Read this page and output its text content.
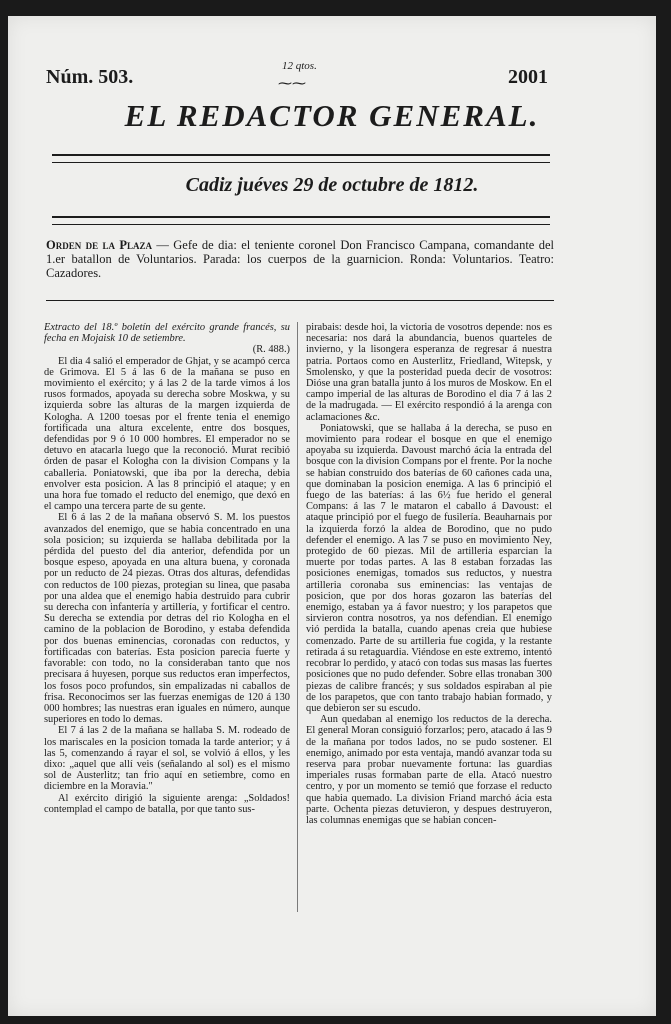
Núm. 503.	12 qtos.
⁓⁓	2001
EL REDACTOR GENERAL.
Cadiz juéves 29 de octubre de 1812.
Orden de la Plaza — Gefe de dia: el teniente coronel Don Francisco Campana, comandante del 1.er batallon de Voluntarios. Parada: los cuerpos de la guarnicion. Ronda: Voluntarios. Teatro: Cazadores.

Extracto del 18.º boletín del exército grande francés, su fecha en Mojaisk 10 de setiembre.

(R. 488.)

El dia 4 salió el emperador de Ghjat, y se acampó cerca de Grimova. El 5 á las 6 de la mañana se puso en movimiento el exército; y á las 2 de la tarde vimos á los rusos formados, apoyada su derecha sobre Moskwa, y su izquierda sobre las alturas de la margen izquierda de Kologha. A 1200 toesas por el frente tenia el enemigo fortificada una altura excelente, entre dos bosques, defendidas por 9 ó 10 000 hombres. El emperador no se detuvo en atacarla luego que la reconoció. Murat recibió órden de pasar el Kologha con la division Compans y la caballeria. Poniatowski, que iba por la derecha, debia envolver esta posicion. A las 8 principió el ataque; y en una hora fue tomado el reducto del enemigo, que dexó en el campo una tercera parte de su gente.

El 6 á las 2 de la mañana observó S. M. los puestos avanzados del enemigo, que se habia concentrado en una sola posicion; su izquierda se hallaba debilitada por la pérdida del puesto del dia anterior, defendida por un bosque espeso, apoyada en una altura buena, y coronada por un reducto de 24 piezas. Otras dos alturas, defendidas con reductos de 100 piezas, protegian su linea, que pasaba por una aldea que el enemigo habia destruido para cubrir su derecha con infantería y artillería, y fortificar el centro. Su derecha se extendia por detras del rio Kologha en el camino de la poblacion de Borodino, y estaba defendida por dos buenas eminencias, coronadas con reductos, y fortificadas con baterías. Esta posicion parecia fuerte y favorable: con todo, no la consideraban tanto que nos precisara á huyesen, porque sus reductos eran imperfectos, los fosos poco profundos, sin empalizadas ni caballos de frisa. Reconocimos ser las fuerzas enemigas de 120 á 130 000 hombres; las nuestras eran iguales en número, aunque superiores en todo lo demas.

El 7 á las 2 de la mañana se hallaba S. M. rodeado de los mariscales en la posicion tomada la tarde anterior; y á las 5, comenzando á rayar el sol, se volvió á ellos, y les dixo: „aquel que allí veis (señalando al sol) es el mismo sol de Austerlitz; tan frio aquí en setiembre, como en diciembre en la Moravia."

Al exército dirigió la siguiente arenga: „Soldados! contemplad el campo de batalla, por que tanto sus-

pirabais: desde hoi, la victoria de vosotros depende: nos es necesaria: nos dará la abundancia, buenos quarteles de invierno, y la lisongera esperanza de regresar á nuestra patria. Portaos como en Austerlitz, Friedland, Witepsk, y Smolensko, y que la posteridad pueda decir de vosotros: Dióse una gran batalla junto á los muros de Moskow. En el campo imperial de las alturas de Borodino el dia 7 á las 2 de la madrugada. — El exército respondió á la arenga con aclamaciones &c.

Poniatowski, que se hallaba á la derecha, se puso en movimiento para rodear el bosque en que el enemigo apoyaba su izquierda. Davoust marchó ácia la entrada del bosque con la division Compans por el frente. Por la noche se habian construido dos baterías de 60 cañones cada una, que dominaban la posicion enemiga. A las 6 principió el fuego de las baterías: á las 6½ fue herido el general Compans: á las 7 le mataron el caballo á Davoust: el ataque principió por el fuego de fusilería. Beauharnais por la izquierda forzó la aldea de Borodino, que no pudo defender el enemigo. A las 7 se puso en movimiento Ney, protegido de 60 piezas. Mil de artilleria esparcian la muerte por todas partes. A las 8 estaban forzadas las posiciones enemigas, tomados sus reductos, y nuestra artilleria coronaba sus eminencias: las ventajas de posicion, que por dos horas gozaron las baterías del enemigo, estaban ya á favor nuestro; y los parapetos que sirvieron contra nosotros, ya nos defendian. El enemigo vió perdida la batalla, cuando apenas creia que hubiese comenzado. Parte de su artilleria fue cogida, y la restante retirada á su retaguardia. Viéndose en este extremo, intentó recobrar lo perdido, y atacó con todas sus masas las fuertes posiciones que no pudo defender. Sobre ellas tronaban 300 piezas de calibre francés; y sus soldados espiraban al pie de los parapetos, que con tanto trabajo habian formado, y que debieron ser su escudo.

Aun quedaban al enemigo los reductos de la derecha. El general Moran consiguió forzarlos; pero, atacado á las 9 de la mañana por todos lados, no se pudo sostener. El enemigo, animado por esta ventaja, mandó avanzar toda su reserva para probar nuevamente fortuna: las guardias imperiales rusas formaban parte de ella. Atacó nuestro centro, y por un momento se temió que forzase el reducto que habia quemado. La division Friand marchó ácia esta parte. Ochenta piezas detuvieron, y despues destruyeron, las columnas enemigas que se habian concen-
